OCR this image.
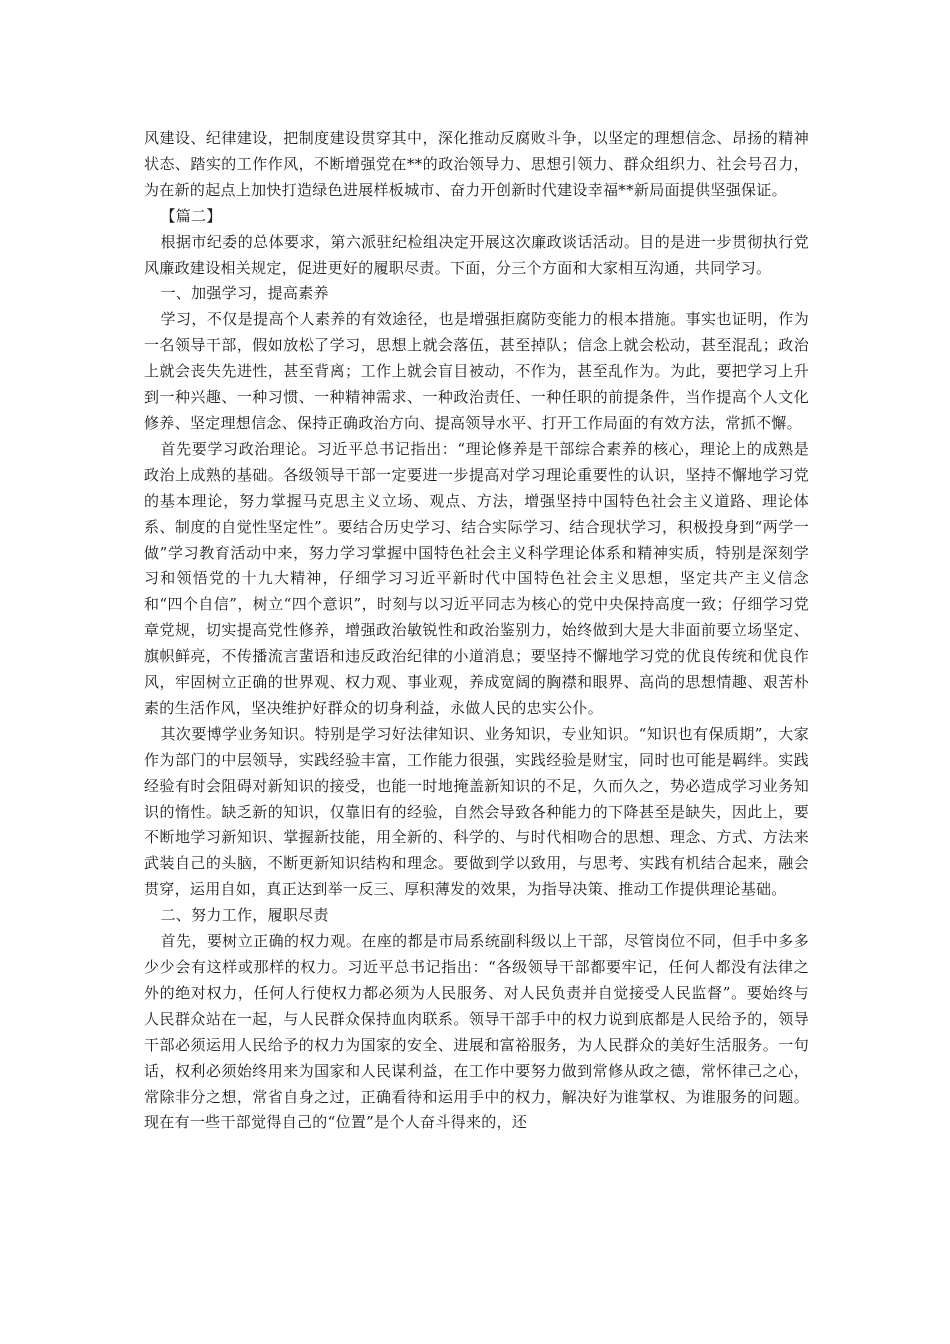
风建设、纪律建设，把制度建设贯穿其中，深化推动反腐败斗争，以坚定的理想信念、昂扬的精神状态、踏实的工作作风，不断增强党在**的政治领导力、思想引领力、群众组织力、社会号召力，为在新的起点上加快打造绿色进展样板城市、奋力开创新时代建设幸福**新局面提供坚强保证。

【篇二】

根据市纪委的总体要求，第六派驻纪检组决定开展这次廉政谈话活动。目的是进一步贯彻执行党风廉政建设相关规定，促进更好的履职尽责。下面，分三个方面和大家相互沟通，共同学习。

一、加强学习，提高素养

学习，不仅是提高个人素养的有效途径，也是增强拒腐防变能力的根本措施。事实也证明，作为一名领导干部，假如放松了学习，思想上就会落伍，甚至掉队；信念上就会松动，甚至混乱；政治上就会丧失先进性，甚至背离；工作上就会盲目被动，不作为，甚至乱作为。为此，要把学习上升到一种兴趣、一种习惯、一种精神需求、一种政治责任、一种任职的前提条件，当作提高个人文化修养、坚定理想信念、保持正确政治方向、提高领导水平、打开工作局面的有效方法，常抓不懈。

首先要学习政治理论。习近平总书记指出：“理论修养是干部综合素养的核心，理论上的成熟是政治上成熟的基础。各级领导干部一定要进一步提高对学习理论重要性的认识，坚持不懈地学习党的基本理论，努力掌握马克思主义立场、观点、方法，增强坚持中国特色社会主义道路、理论体系、制度的自觉性坚定性”。要结合历史学习、结合实际学习、结合现状学习，积极投身到“两学一做”学习教育活动中来，努力学习掌握中国特色社会主义科学理论体系和精神实质，特别是深刻学习和领悟党的十九大精神，仔细学习习近平新时代中国特色社会主义思想，坚定共产主义信念和“四个自信”，树立“四个意识”，时刻与以习近平同志为核心的党中央保持高度一致；仔细学习党章党规，切实提高党性修养，增强政治敏锐性和政治鉴别力，始终做到大是大非面前要立场坚定、旗帜鲜亮，不传播流言蜚语和违反政治纪律的小道消息；要坚持不懈地学习党的优良传统和优良作风，牢固树立正确的世界观、权力观、事业观，养成宽阔的胸襟和眼界、高尚的思想情趣、艰苦朴素的生活作风，坚决维护好群众的切身利益，永做人民的忠实公仆。

其次要博学业务知识。特别是学习好法律知识、业务知识，专业知识。“知识也有保质期”，大家作为部门的中层领导，实践经验丰富，工作能力很强，实践经验是财宝，同时也可能是羁绊。实践经验有时会阻碍对新知识的接受，也能一时地掩盖新知识的不足，久而久之，势必造成学习业务知识的惰性。缺乏新的知识，仅靠旧有的经验，自然会导致各种能力的下降甚至是缺失，因此上，要不断地学习新知识、掌握新技能，用全新的、科学的、与时代相吻合的思想、理念、方式、方法来武装自己的头脑，不断更新知识结构和理念。要做到学以致用，与思考、实践有机结合起来，融会贯穿，运用自如，真正达到举一反三、厚积薄发的效果，为指导决策、推动工作提供理论基础。

二、努力工作，履职尽责

首先，要树立正确的权力观。在座的都是市局系统副科级以上干部，尽管岗位不同，但手中多多少少会有这样或那样的权力。习近平总书记指出：“各级领导干部都要牢记，任何人都没有法律之外的绝对权力，任何人行使权力都必须为人民服务、对人民负责并自觉接受人民监督”。要始终与人民群众站在一起，与人民群众保持血肉联系。领导干部手中的权力说到底都是人民给予的，领导干部必须运用人民给予的权力为国家的安全、进展和富裕服务，为人民群众的美好生活服务。一句话，权利必须始终用来为国家和人民谋利益，在工作中要努力做到常修从政之德，常怀律己之心，常除非分之想，常省自身之过，正确看待和运用手中的权力，解决好为谁掌权、为谁服务的问题。现在有一些干部觉得自己的“位置”是个人奋斗得来的，还
